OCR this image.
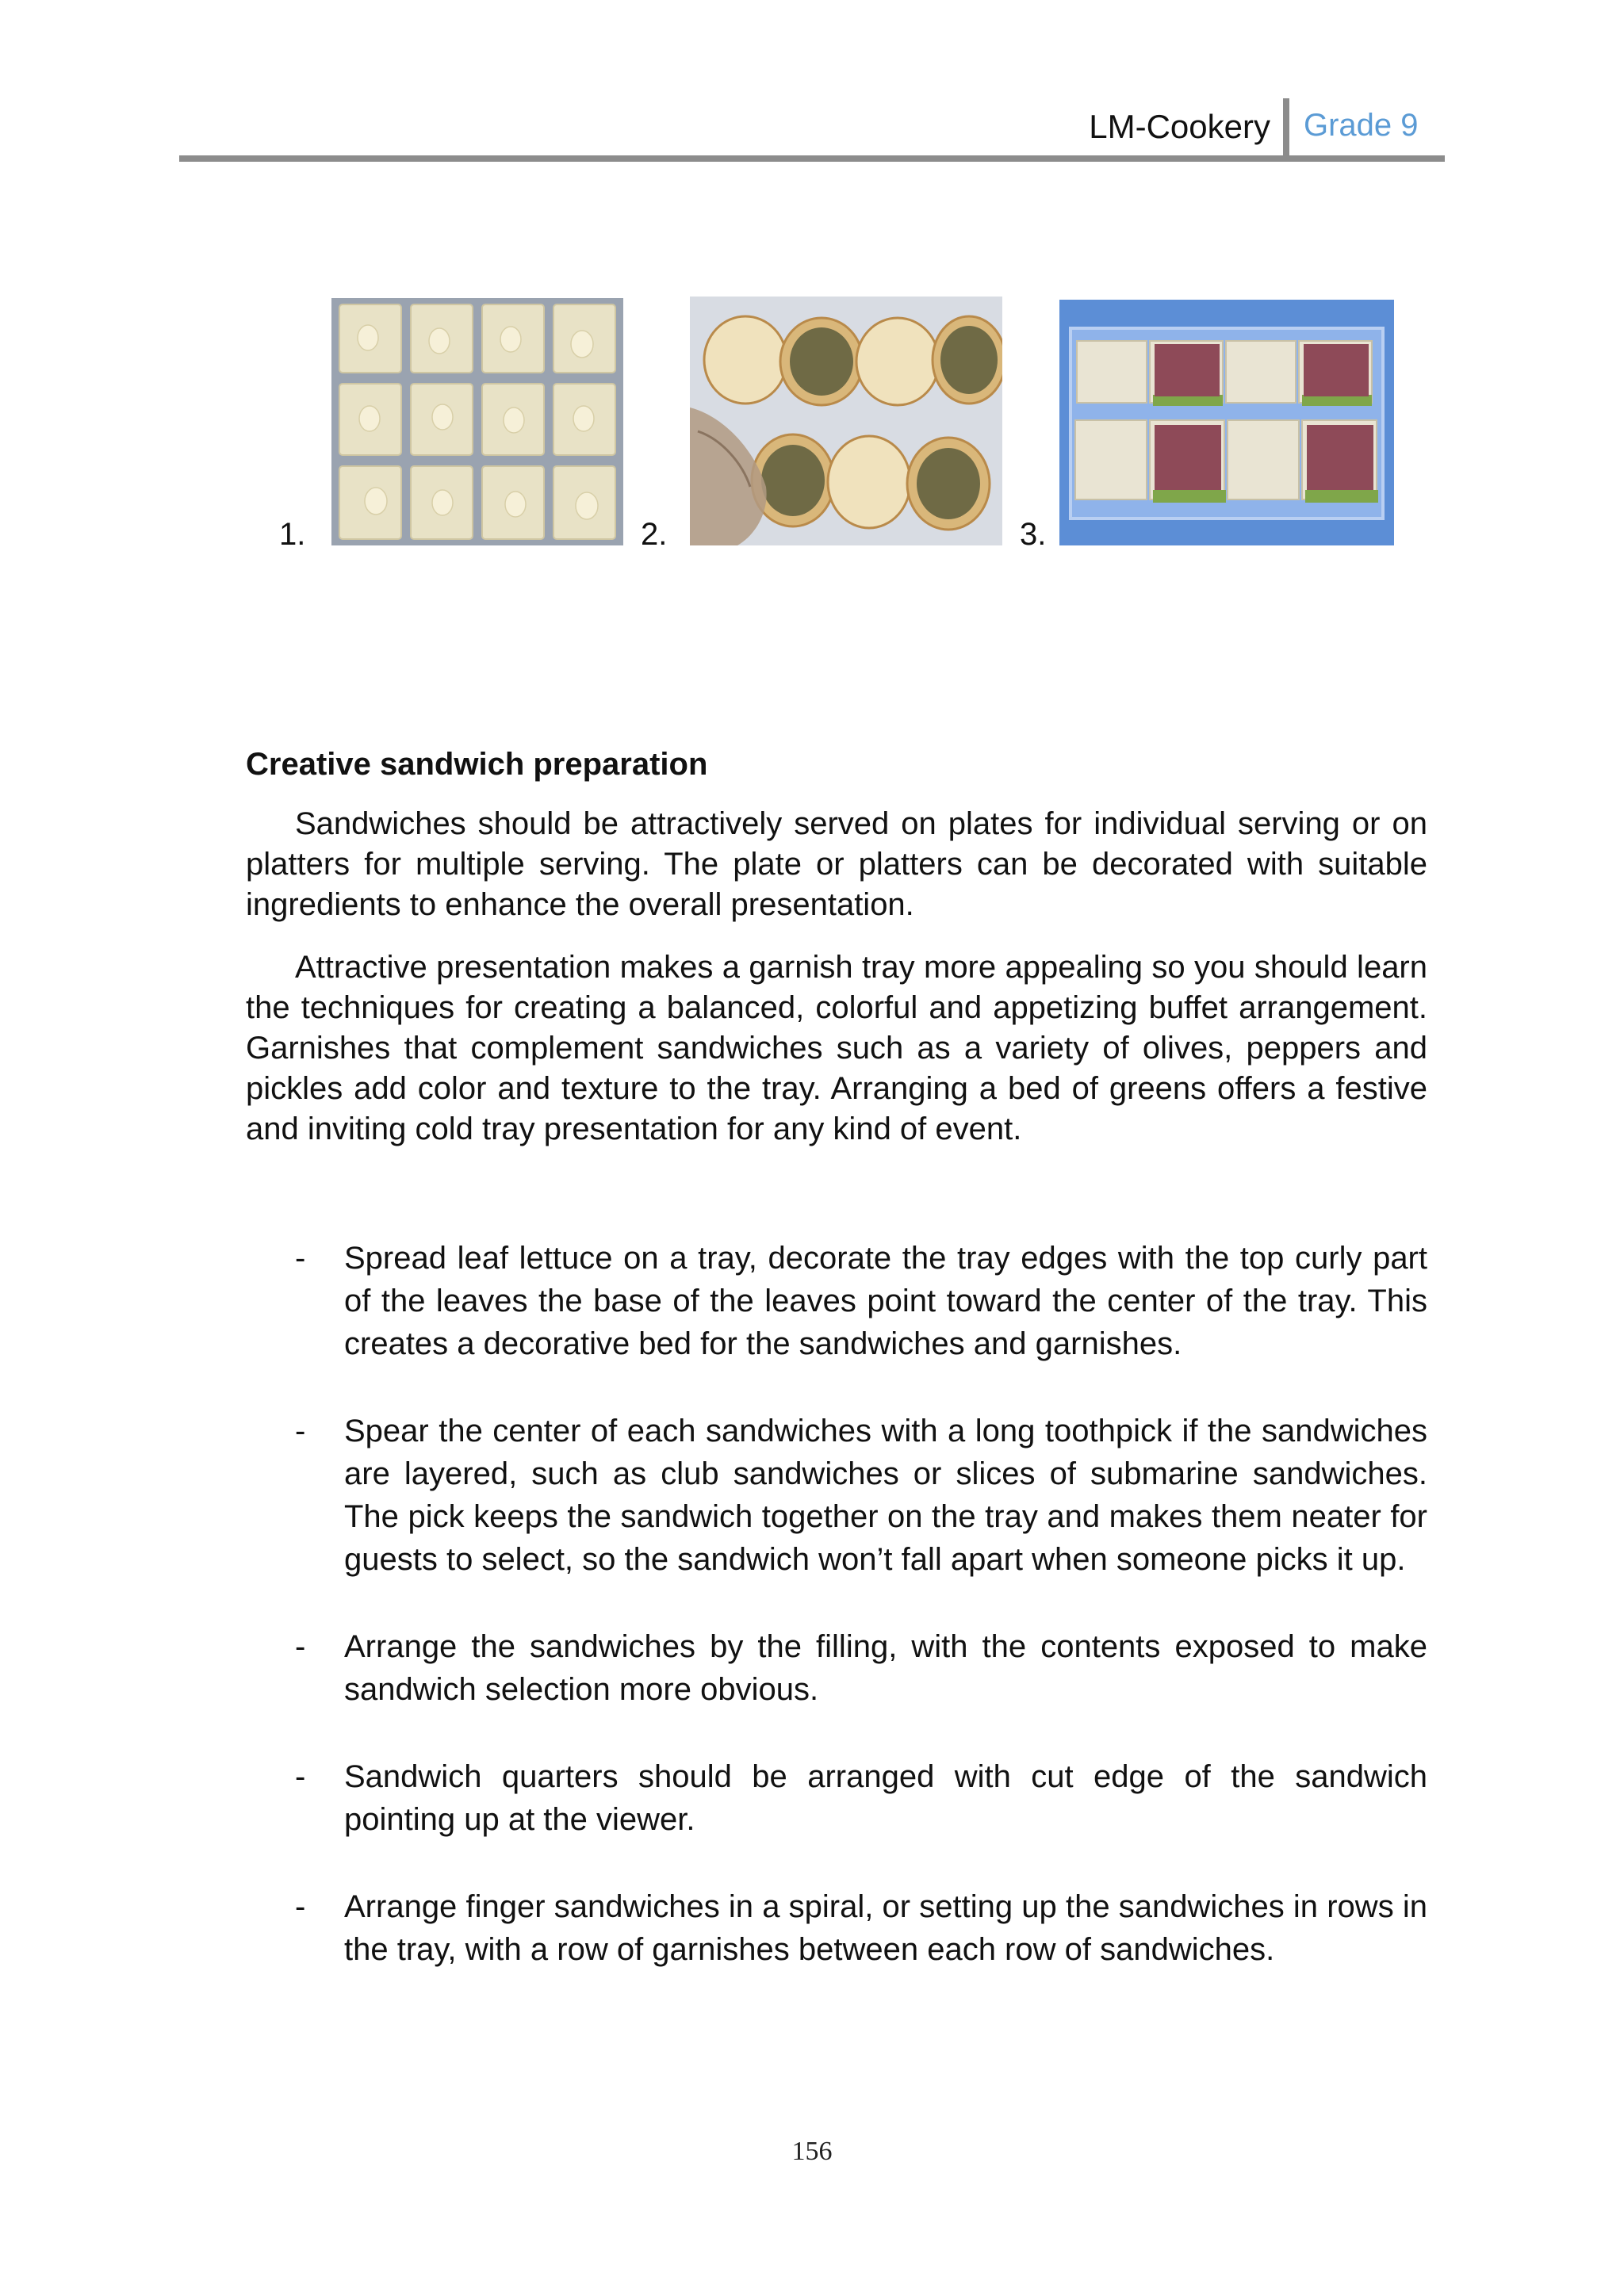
LM-Cookery Grade 9
1.	2.	3.
Creative sandwich preparation

Sandwiches should be attractively served on plates for individual serving or on platters for multiple serving. The plate or platters can be decorated with suitable ingredients to enhance the overall presentation.

Attractive presentation makes a garnish tray more appealing so you should learn the techniques for creating a balanced, colorful and appetizing buffet arrangement. Garnishes that complement sandwiches such as a variety of olives, peppers and pickles add color and texture to the tray. Arranging a bed of greens offers a festive and inviting cold tray presentation for any kind of event.

- Spread leaf lettuce on a tray, decorate the tray edges with the top curly part of the leaves the base of the leaves point toward the center of the tray. This creates a decorative bed for the sandwiches and garnishes.
- Spear the center of each sandwiches with a long toothpick if the sandwiches are layered, such as club sandwiches or slices of submarine sandwiches. The pick keeps the sandwich together on the tray and makes them neater for guests to select, so the sandwich won’t fall apart when someone picks it up.
- Arrange the sandwiches by the filling, with the contents exposed to make sandwich selection more obvious.
- Sandwich quarters should be arranged with cut edge of the sandwich pointing up at the viewer.
- Arrange finger sandwiches in a spiral, or setting up the sandwiches in rows in the tray, with a row of garnishes between each row of sandwiches.
156
